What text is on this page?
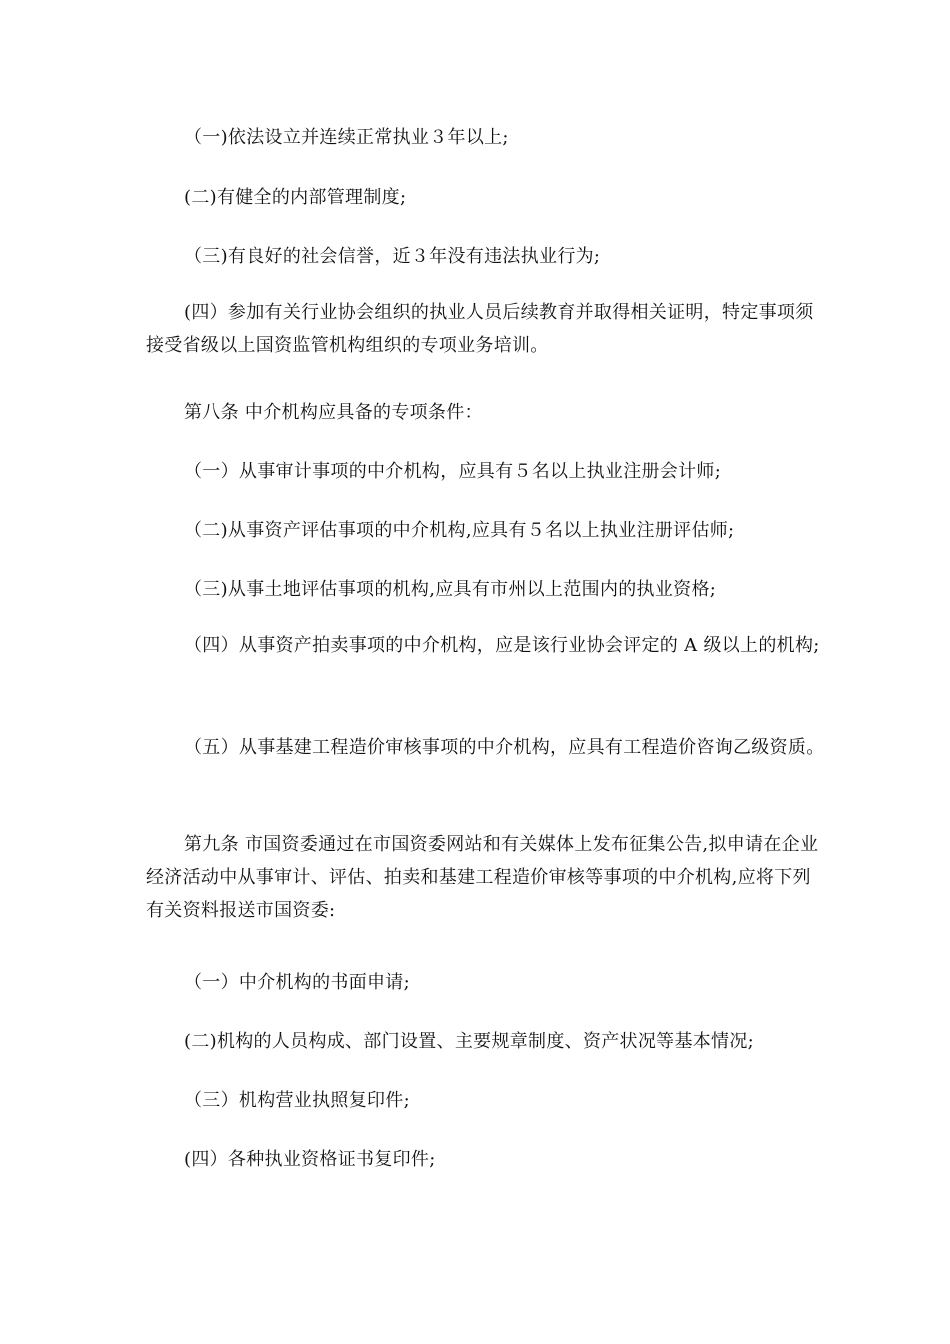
（一)依法设立并连续正常执业３年以上;

(二)有健全的内部管理制度;

（三)有良好的社会信誉，近３年没有违法执业行为;

(四）参加有关行业协会组织的执业人员后续教育并取得相关证明，特定事项须接受省级以上国资监管机构组织的专项业务培训。

第八条 中介机构应具备的专项条件：

（一）从事审计事项的中介机构，应具有５名以上执业注册会计师;

（二)从事资产评估事项的中介机构,应具有５名以上执业注册评估师;

（三)从事土地评估事项的机构,应具有市州以上范围内的执业资格;

（四）从事资产拍卖事项的中介机构，应是该行业协会评定的 A 级以上的机构;

（五）从事基建工程造价审核事项的中介机构，应具有工程造价咨询乙级资质。

第九条 市国资委通过在市国资委网站和有关媒体上发布征集公告,拟申请在企业经济活动中从事审计、评估、拍卖和基建工程造价审核等事项的中介机构,应将下列有关资料报送市国资委:

（一）中介机构的书面申请;

(二)机构的人员构成、部门设置、主要规章制度、资产状况等基本情况;

（三）机构营业执照复印件;

(四）各种执业资格证书复印件;
